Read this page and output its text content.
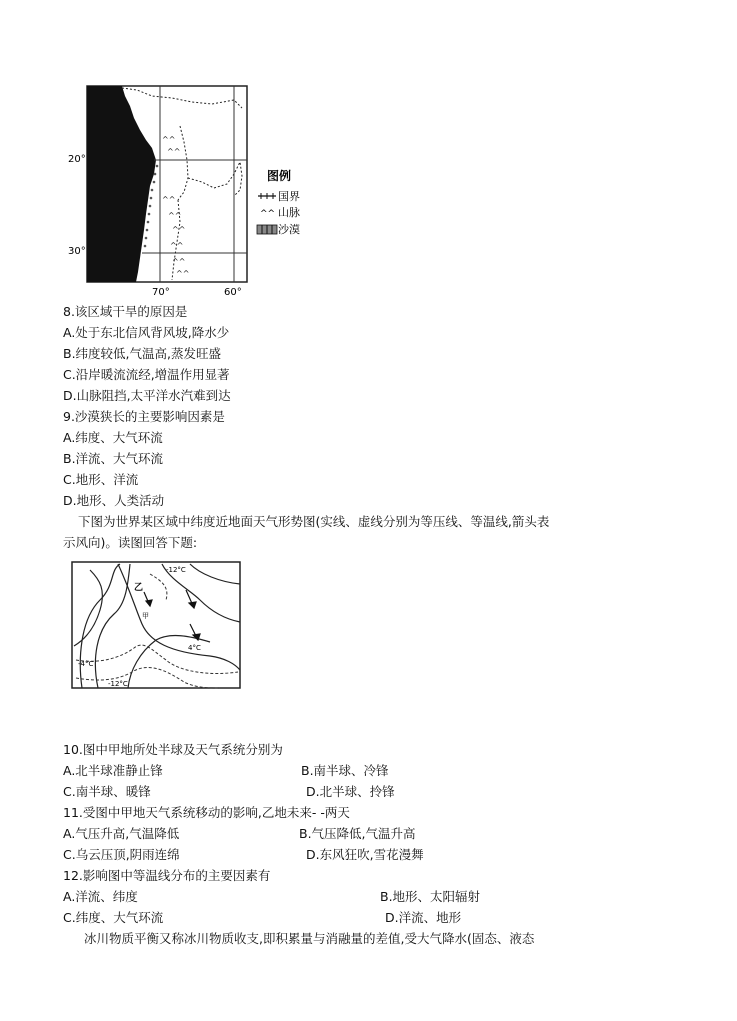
^^
^^
^^
^^
^^
^^
^^
^^
20°
30°
70°	60°
图例
国界
^^ 山脉
沙漠
8.该区域干旱的原因是
A.处于东北信风背风坡,降水少
B.纬度较低,气温高,蒸发旺盛
C.沿岸暖流流经,增温作用显著
D.山脉阻挡,太平洋水汽难到达
9.沙漠狭长的主要影响因素是
A.纬度、大气环流
B.洋流、大气环流
C.地形、洋流
D.地形、人类活动
下图为世界某区域中纬度近地面天气形势图(实线、虚线分别为等压线、等温线,箭头表
示风向)。读图回答下题:
-12°C
乙
甲
4°C
-4°C
-12°C
10.图中甲地所处半球及天气系统分别为
A.北半球准静止锋	B.南半球、冷锋
C.南半球、暖锋	D.北半球、拎锋
11.受图中甲地天气系统移动的影响,乙地未来- -两天
A.气压升高,气温降低	B.气压降低,气温升高
C.乌云压顶,阴雨连绵	D.东风狂吹,雪花漫舞
12.影响图中等温线分布的主要因素有
A.洋流、纬度	B.地形、太阳辐射
C.纬度、大气环流	D.洋流、地形
冰川物质平衡又称冰川物质收支,即积累量与消融量的差值,受大气降水(固态、液态
